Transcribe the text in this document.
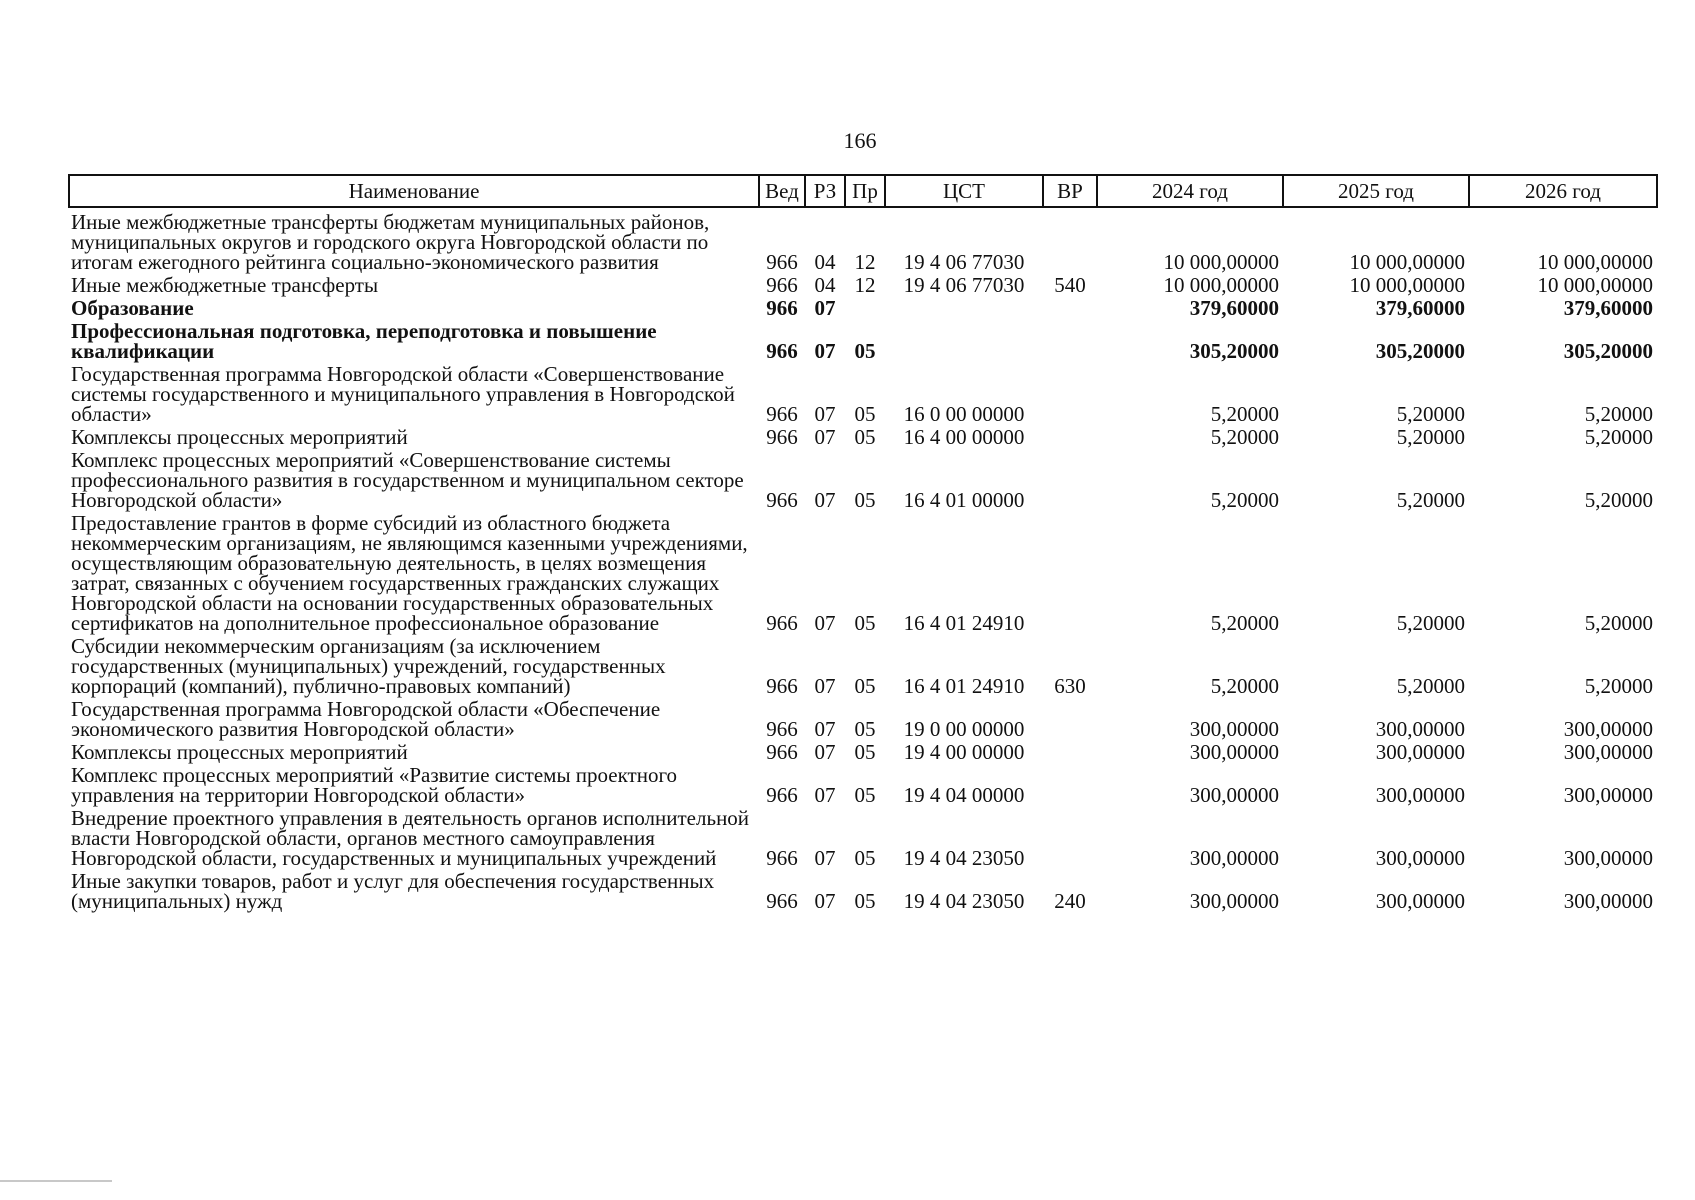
166
Наименование	Вед	РЗ	Пр	ЦСТ	ВР	2024 год	2025 год	2026 год
Иные межбюджетные трансферты бюджетам муниципальных районов, муниципальных округов и городского округа Новгородской области по итогам ежегодного рейтинга социально-экономического развития	966	04	12	19 4 06 77030		10 000,00000	10 000,00000	10 000,00000
Иные межбюджетные трансферты	966	04	12	19 4 06 77030	540	10 000,00000	10 000,00000	10 000,00000
Образование	966	07				379,60000	379,60000	379,60000
Профессиональная подготовка, переподготовка и повышение квалификации	966	07	05			305,20000	305,20000	305,20000
Государственная программа Новгородской области «Совершенствование системы государственного и муниципального управления в Новгородской области»	966	07	05	16 0 00 00000		5,20000	5,20000	5,20000
Комплексы процессных мероприятий	966	07	05	16 4 00 00000		5,20000	5,20000	5,20000
Комплекс процессных мероприятий «Совершенствование системы профессионального развития в государственном и муниципальном секторе Новгородской области»	966	07	05	16 4 01 00000		5,20000	5,20000	5,20000
Предоставление грантов в форме субсидий из областного бюджета некоммерческим организациям, не являющимся казенными учреждениями, осуществляющим образовательную деятельность, в целях возмещения затрат, связанных с обучением государственных гражданских служащих Новгородской области на основании государственных образовательных сертификатов на дополнительное профессиональное образование	966	07	05	16 4 01 24910		5,20000	5,20000	5,20000
Субсидии некоммерческим организациям (за исключением государственных (муниципальных) учреждений, государственных корпораций (компаний), публично-правовых компаний)	966	07	05	16 4 01 24910	630	5,20000	5,20000	5,20000
Государственная программа Новгородской области «Обеспечение экономического развития Новгородской области»	966	07	05	19 0 00 00000		300,00000	300,00000	300,00000
Комплексы процессных мероприятий	966	07	05	19 4 00 00000		300,00000	300,00000	300,00000
Комплекс процессных мероприятий «Развитие системы проектного управления на территории Новгородской области»	966	07	05	19 4 04 00000		300,00000	300,00000	300,00000
Внедрение проектного управления в деятельность органов исполнительной власти Новгородской области, органов местного самоуправления Новгородской области, государственных и муниципальных учреждений	966	07	05	19 4 04 23050		300,00000	300,00000	300,00000
Иные закупки товаров, работ и услуг для обеспечения государственных (муниципальных) нужд	966	07	05	19 4 04 23050	240	300,00000	300,00000	300,00000
